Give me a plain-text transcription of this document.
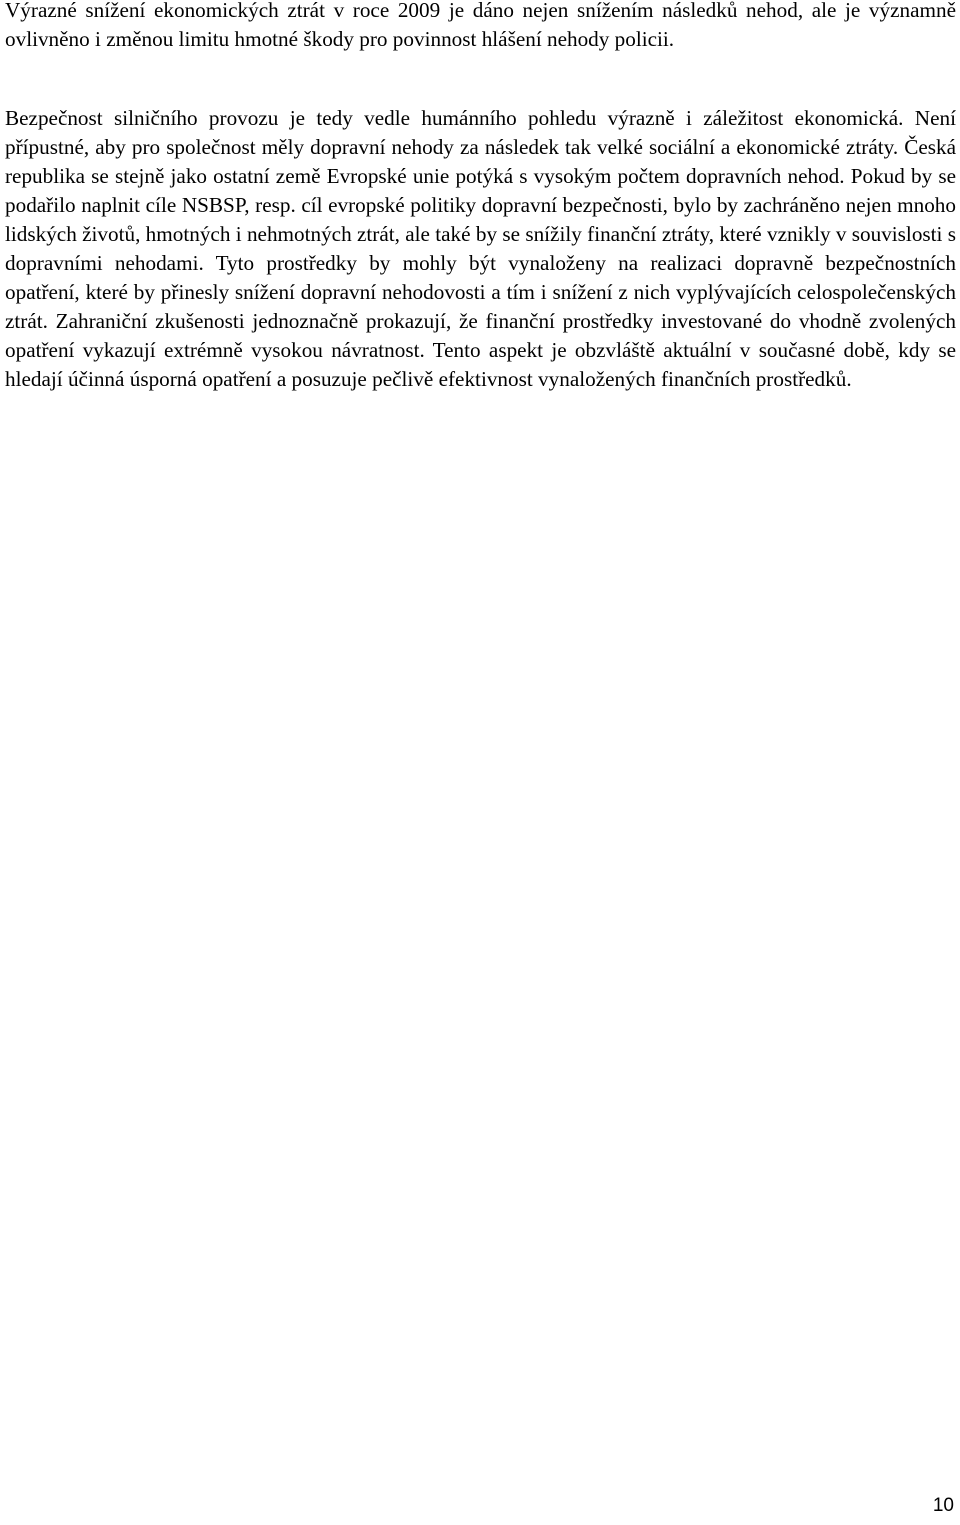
Výrazné snížení ekonomických ztrát v roce 2009 je dáno nejen snížením následků nehod, ale je významně ovlivněno i změnou limitu hmotné škody pro povinnost hlášení nehody policii.

Bezpečnost silničního provozu je tedy vedle humánního pohledu výrazně i záležitost ekonomická. Není přípustné, aby pro společnost měly dopravní nehody za následek tak velké sociální a ekonomické ztráty. Česká republika se stejně jako ostatní země Evropské unie potýká s vysokým počtem dopravních nehod. Pokud by se podařilo naplnit cíle NSBSP, resp. cíl evropské politiky dopravní bezpečnosti, bylo by zachráněno nejen mnoho lidských životů, hmotných i nehmotných ztrát, ale také by se snížily finanční ztráty, které vznikly v souvislosti s dopravními nehodami. Tyto prostředky by mohly být vynaloženy na realizaci dopravně bezpečnostních opatření, které by přinesly snížení dopravní nehodovosti a tím i snížení z nich vyplývajících celospolečenských ztrát. Zahraniční zkušenosti jednoznačně prokazují, že finanční prostředky investované do vhodně zvolených opatření vykazují extrémně vysokou návratnost. Tento aspekt je obzvláště aktuální v současné době, kdy se hledají účinná úsporná opatření a posuzuje pečlivě efektivnost vynaložených finančních prostředků.

10
